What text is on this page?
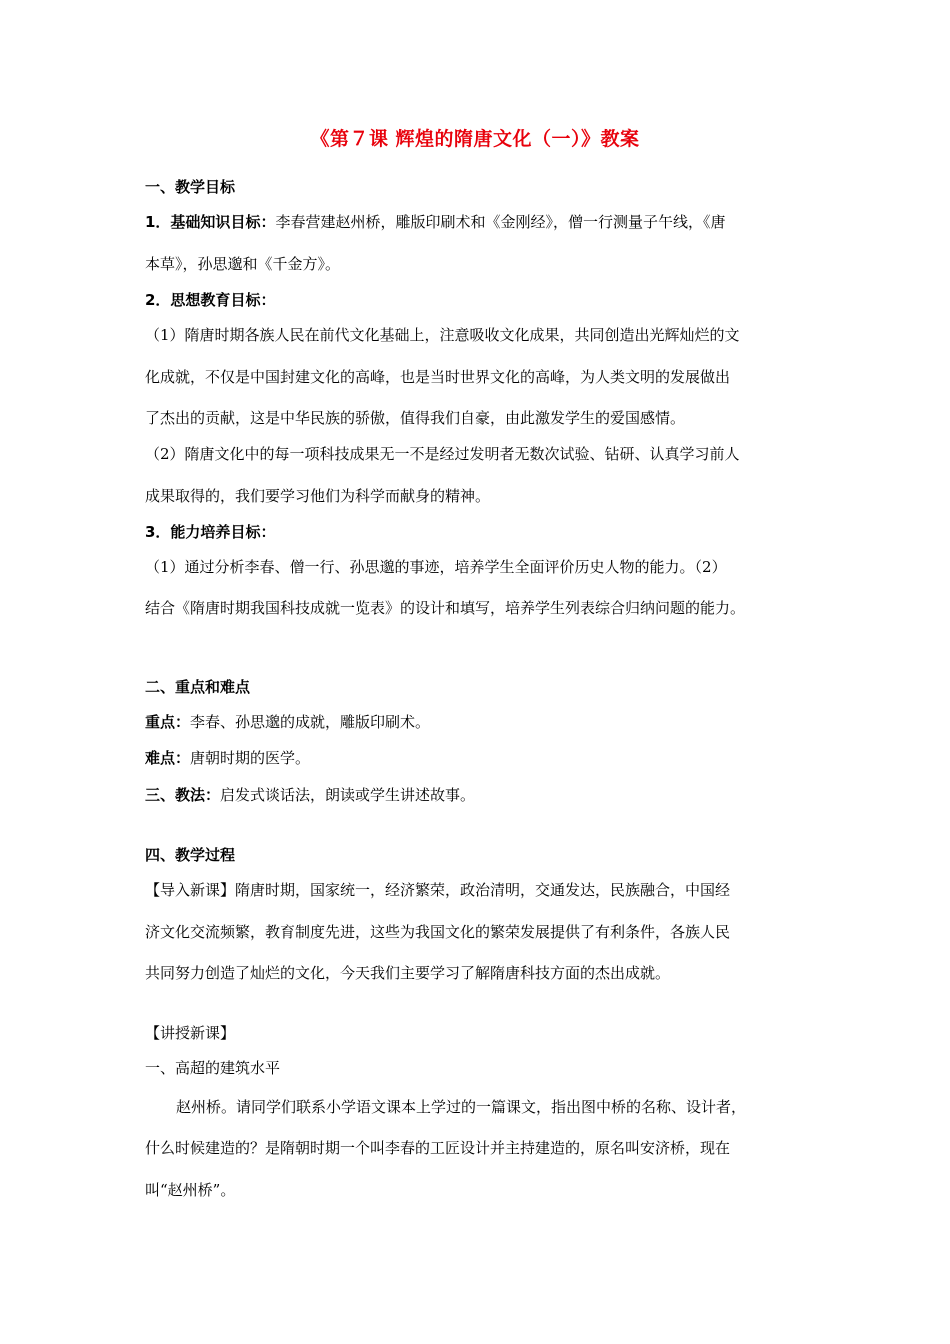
《第７课 辉煌的隋唐文化（一）》教案
一、教学目标
1．基础知识目标：李春营建赵州桥，雕版印刷术和《金刚经》，僧一行测量子午线，《唐
本草》，孙思邈和《千金方》。
2．思想教育目标：
（1）隋唐时期各族人民在前代文化基础上，注意吸收文化成果，共同创造出光辉灿烂的文
化成就，不仅是中国封建文化的高峰，也是当时世界文化的高峰，为人类文明的发展做出
了杰出的贡献，这是中华民族的骄傲，值得我们自豪，由此激发学生的爱国感情。
（2）隋唐文化中的每一项科技成果无一不是经过发明者无数次试验、钻研、认真学习前人
成果取得的，我们要学习他们为科学而献身的精神。
3．能力培养目标：
（1）通过分析李春、僧一行、孙思邈的事迹，培养学生全面评价历史人物的能力。（2）
结合《隋唐时期我国科技成就一览表》的设计和填写，培养学生列表综合归纳问题的能力。
二、重点和难点
重点：李春、孙思邈的成就，雕版印刷术。
难点：唐朝时期的医学。
三、教法：启发式谈话法，朗读或学生讲述故事。
四、教学过程
【导入新课】隋唐时期，国家统一，经济繁荣，政治清明，交通发达，民族融合，中国经
济文化交流频繁，教育制度先进，这些为我国文化的繁荣发展提供了有利条件，各族人民
共同努力创造了灿烂的文化，今天我们主要学习了解隋唐科技方面的杰出成就。
【讲授新课】
一、高超的建筑水平
赵州桥。请同学们联系小学语文课本上学过的一篇课文，指出图中桥的名称、设计者，
什么时候建造的？是隋朝时期一个叫李春的工匠设计并主持建造的，原名叫安济桥，现在
叫“赵州桥”。
